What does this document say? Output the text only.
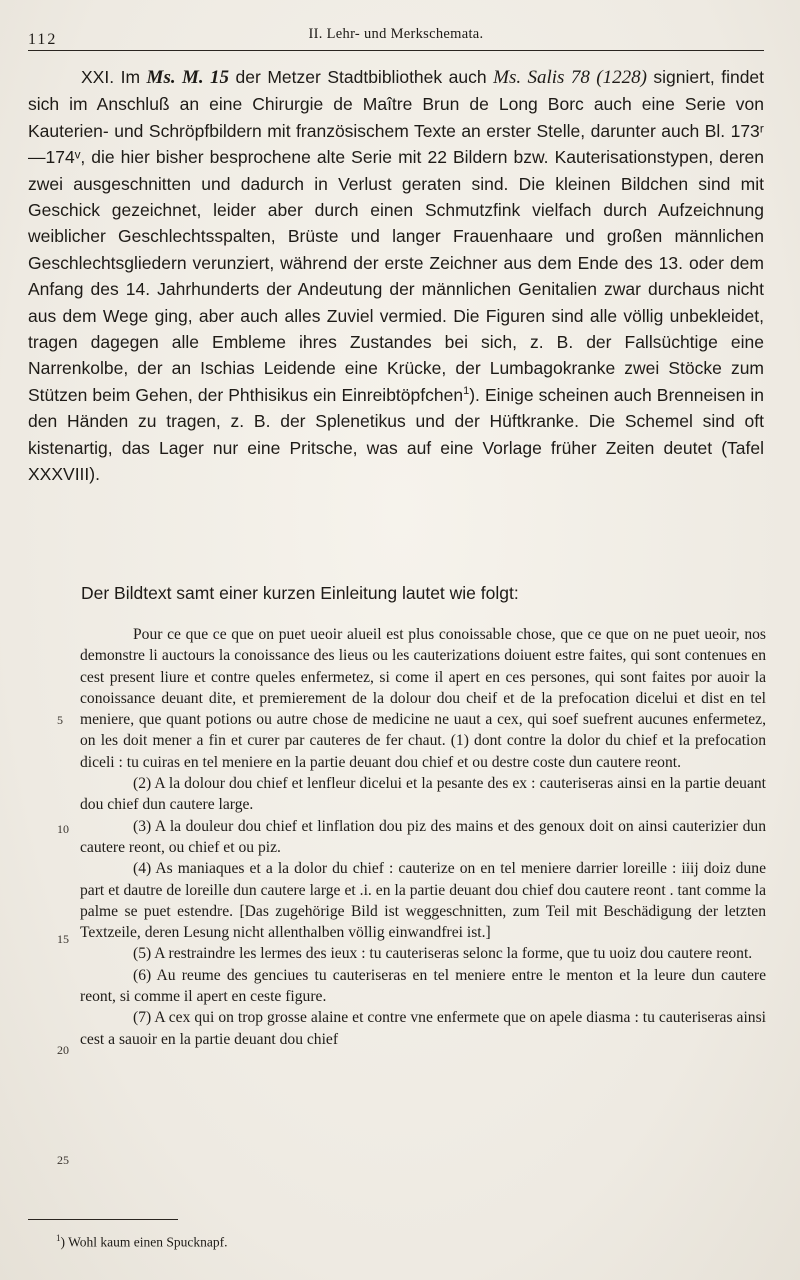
112	II. Lehr- und Merkschemata.

XXI. Im Ms. M. 15 der Metzer Stadtbibliothek auch Ms. Salis 78 (1228) signiert, findet sich im Anschluß an eine Chirurgie de Maître Brun de Long Borc auch eine Serie von Kauterien- und Schröpfbildern mit französischem Texte an erster Stelle, darunter auch Bl. 173ʳ—174ᵛ, die hier bisher besprochene alte Serie mit 22 Bildern bzw. Kauterisationstypen, deren zwei ausgeschnitten und dadurch in Verlust geraten sind. Die kleinen Bildchen sind mit Geschick gezeichnet, leider aber durch einen Schmutzfink vielfach durch Aufzeichnung weiblicher Geschlechtsspalten, Brüste und langer Frauenhaare und großen männlichen Geschlechtsgliedern verunziert, während der erste Zeichner aus dem Ende des 13. oder dem Anfang des 14. Jahrhunderts der Andeutung der männlichen Genitalien zwar durchaus nicht aus dem Wege ging, aber auch alles Zuviel vermied. Die Figuren sind alle völlig unbekleidet, tragen dagegen alle Embleme ihres Zustandes bei sich, z. B. der Fallsüchtige eine Narrenkolbe, der an Ischias Leidende eine Krücke, der Lumbagokranke zwei Stöcke zum Stützen beim Gehen, der Phthisikus ein Einreibtöpfchen$^1$). Einige scheinen auch Brenneisen in den Händen zu tragen, z. B. der Splenetikus und der Hüftkranke. Die Schemel sind oft kistenartig, das Lager nur eine Pritsche, was auf eine Vorlage früher Zeiten deutet (Tafel XXXVIII).

Der Bildtext samt einer kurzen Einleitung lautet wie folgt:

5
10
15
20
25

Pour ce que ce que on puet ueoir alueil est plus conoissable chose, que ce que on ne puet ueoir, nos demonstre li auctours la conoissance des lieus ou les cauterizations doiuent estre faites, qui sont contenues en cest present liure et contre queles enfermetez, si come il apert en ces persones, qui sont faites por auoir la conoissance deuant dite, et premierement de la dolour dou cheif et de la prefocation dicelui et dist en tel meniere, que quant potions ou autre chose de medicine ne uaut a cex, qui soef suefrent aucunes enfermetez, on les doit mener a fin et curer par cauteres de fer chaut. (1) dont contre la dolor du chief et la prefocation diceli : tu cuiras en tel meniere en la partie deuant dou chief et ou destre coste dun cautere reont.

(2) A la dolour dou chief et lenfleur dicelui et la pesante des ex : cauteriseras ainsi en la partie deuant dou chief dun cautere large.

(3) A la douleur dou chief et linflation dou piz des mains et des genoux doit on ainsi cauterizier dun cautere reont, ou chief et ou piz.

(4) As maniaques et a la dolor du chief : cauterize on en tel meniere darrier loreille : iiij doiz dune part et dautre de loreille dun cautere large et .i. en la partie deuant dou chief dou cautere reont . tant comme la palme se puet estendre. [Das zugehörige Bild ist weggeschnitten, zum Teil mit Beschädigung der letzten Textzeile, deren Lesung nicht allenthalben völlig einwandfrei ist.]

(5) A restraindre les lermes des ieux : tu cauteriseras selonc la forme, que tu uoiz dou cautere reont.

(6) Au reume des genciues tu cauteriseras en tel meniere entre le menton et la leure dun cautere reont, si comme il apert en ceste figure.

(7) A cex qui on trop grosse alaine et contre vne enfermete que on apele diasma : tu cauteriseras ainsi cest a sauoir en la partie deuant dou chief

$^1$) Wohl kaum einen Spucknapf.
